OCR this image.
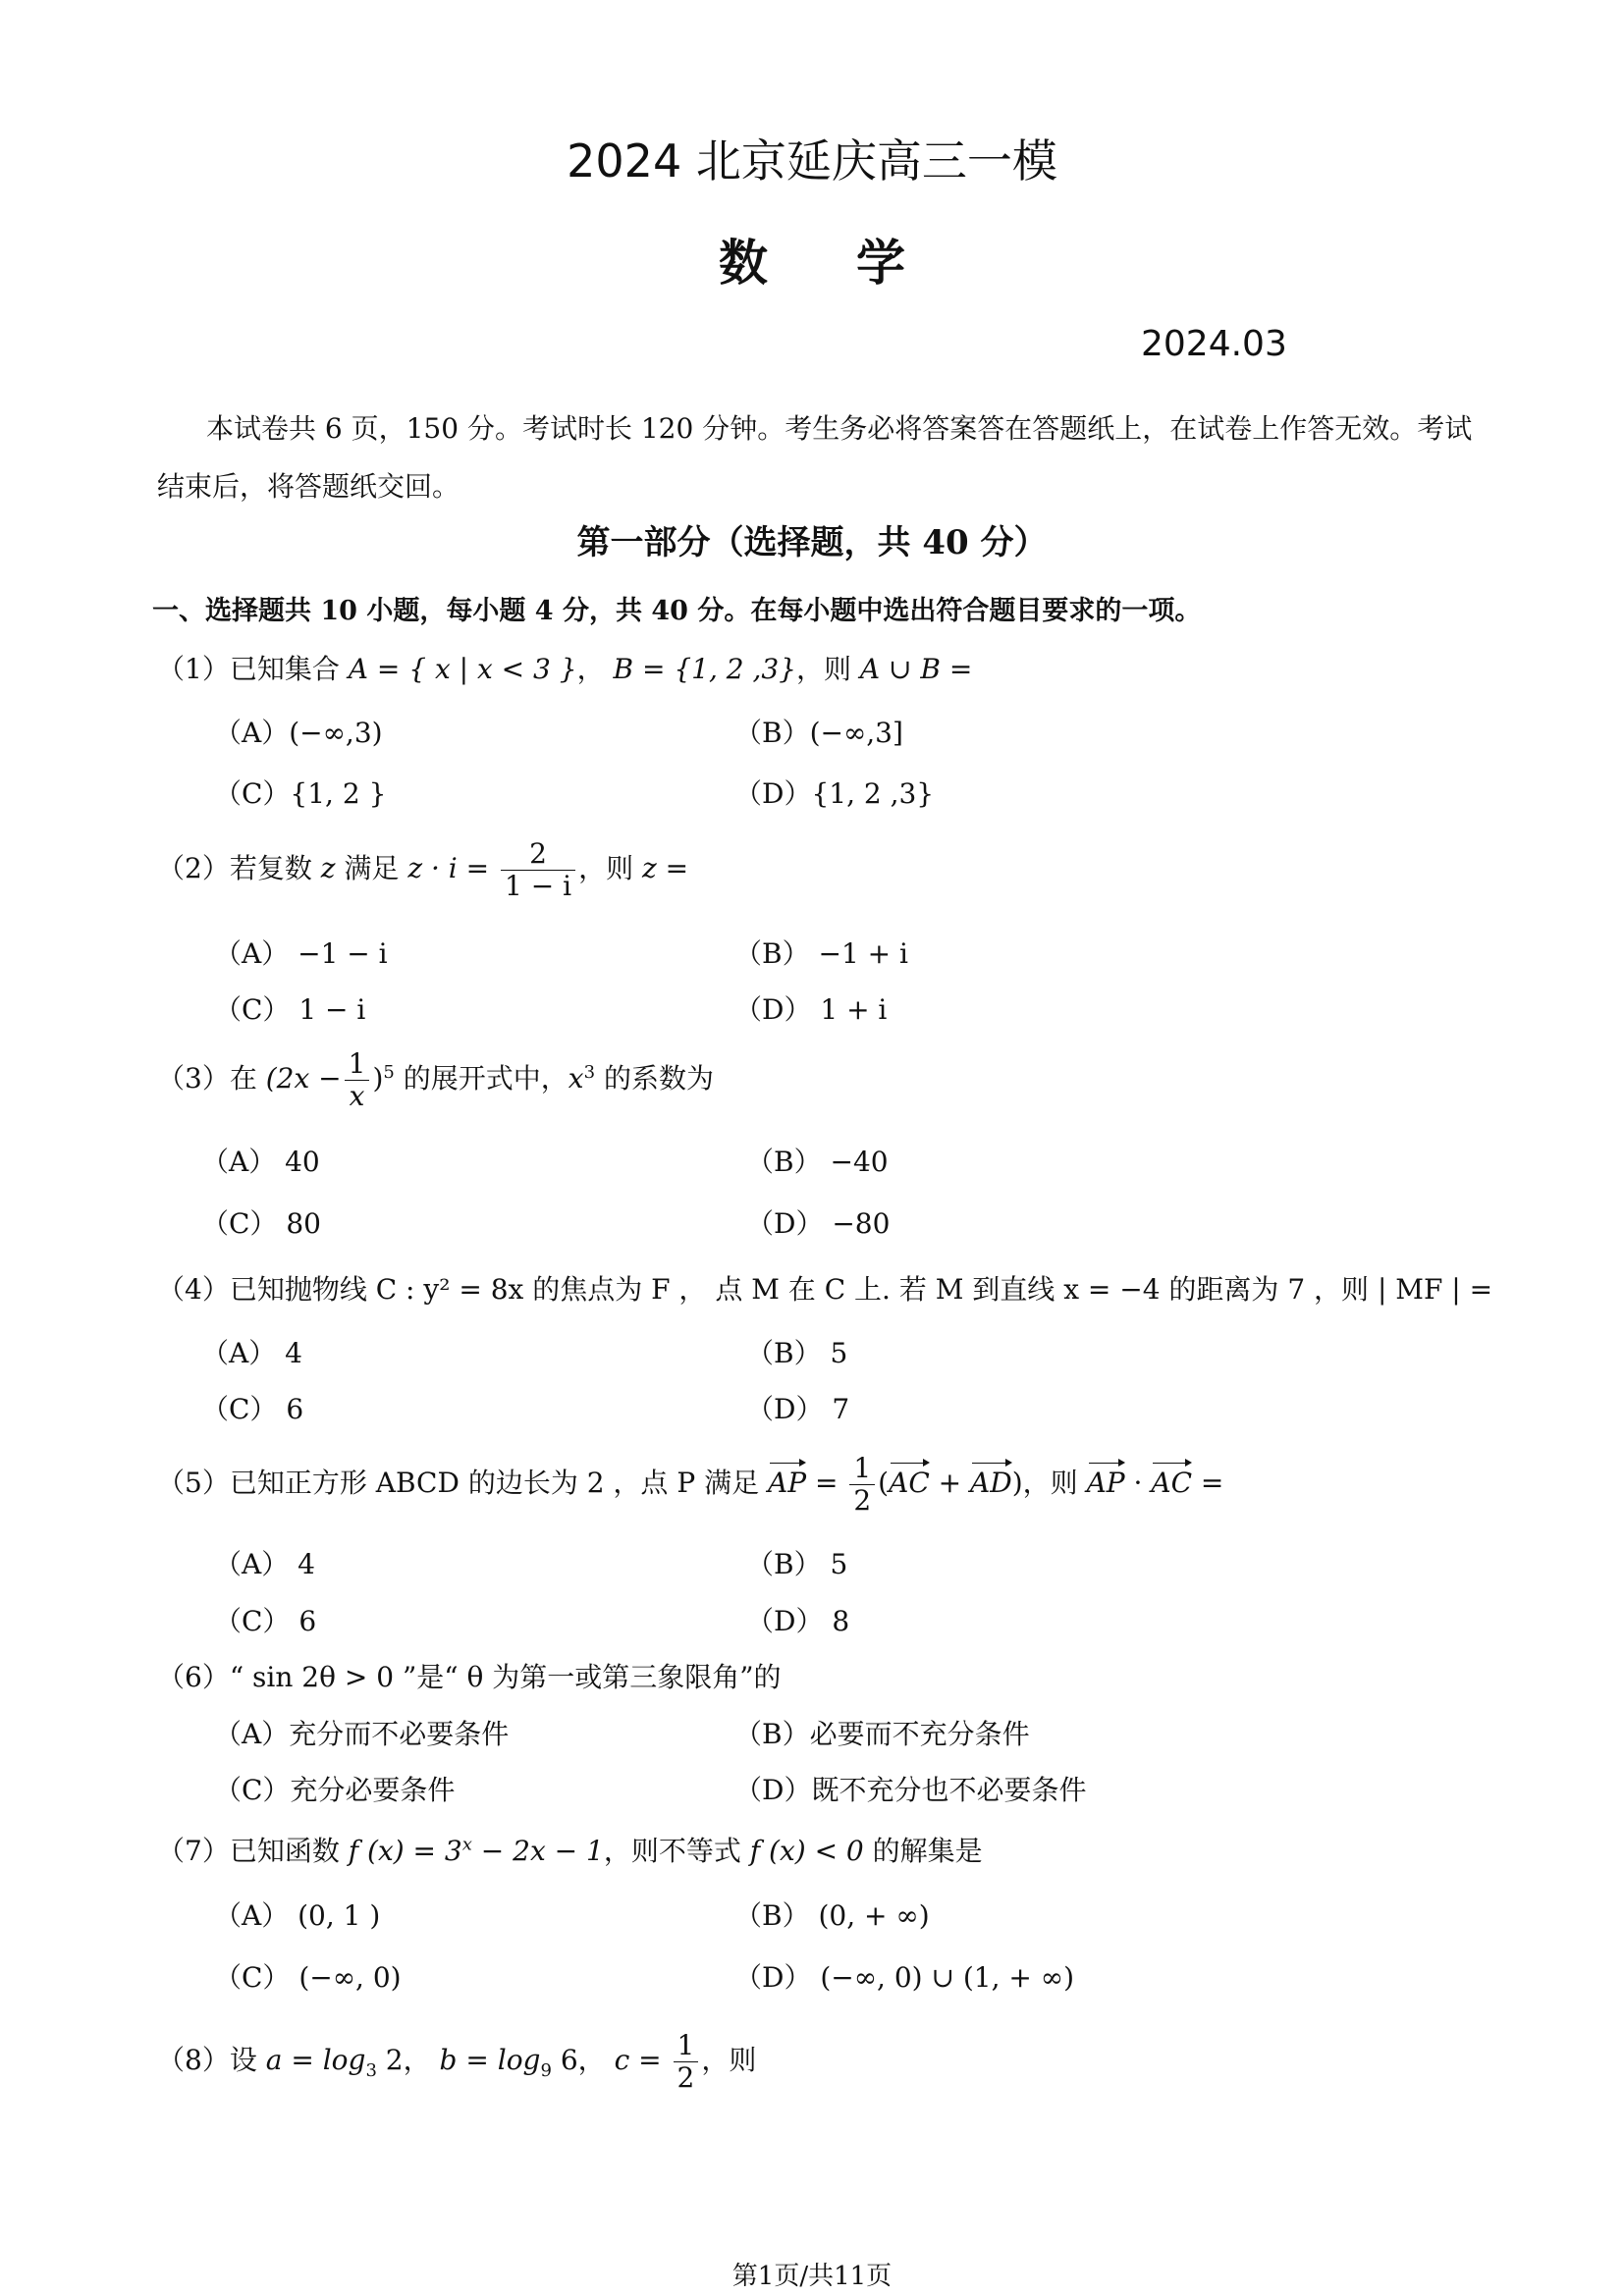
2024 北京延庆高三一模
数学
2024.03
本试卷共 6 页，150 分。考试时长 120 分钟。考生务必将答案答在答题纸上，在试卷上作答无效。考试结束后，将答题纸交回。
第一部分（选择题，共 40 分）
一、选择题共 10 小题，每小题 4 分，共 40 分。在每小题中选出符合题目要求的一项。
（1）已知集合 A = { x | x < 3 }， B = {1, 2 ,3}，则 A ∪ B =
（A）(−∞,3)	（B）(−∞,3]
（C）{1, 2 }	（D）{1, 2 ,3}
（2）若复数 z 满足 $z \cdot i = \frac{2}{1 - i}$ ，则 z =
（A） −1 − i	（B） −1 + i
（C） 1 − i	（D） 1 + i
（3）在 $(2x - \frac{1}{x} )^5$ 的展开式中，$x^3$ 的系数为
（A） 40	（B） −40
（C） 80	（D） −80
（4）已知抛物线 C : y² = 8x 的焦点为 F ， 点 M 在 C 上. 若 M 到直线 x = −4 的距离为 7 ，则 | MF | =
（A） 4	（B） 5
（C） 6	（D） 7
（5）已知正方形 ABCD 的边长为 2 ，点 P 满足 AP = $\frac{1}{2} (AC + AD)$，则 AP · AC =
（A） 4	（B） 5
（C） 6	（D） 8
（6）“ sin 2θ > 0 ”是“ θ 为第一或第三象限角”的
（A）充分而不必要条件	（B）必要而不充分条件
（C）充分必要条件	（D）既不充分也不必要条件
（7）已知函数 f $(x) = 3^x - 2x - 1$，则不等式 f (x) < 0 的解集是
（A） (0, 1 )	（B） (0, + ∞)
（C） (−∞, 0)	（D） (−∞, 0) ∪ (1, + ∞)
（8）设 $a = \log_3 2$， $b = \log_9 6$， $c = \frac{1}{2}$ ，则
第1页/共11页
